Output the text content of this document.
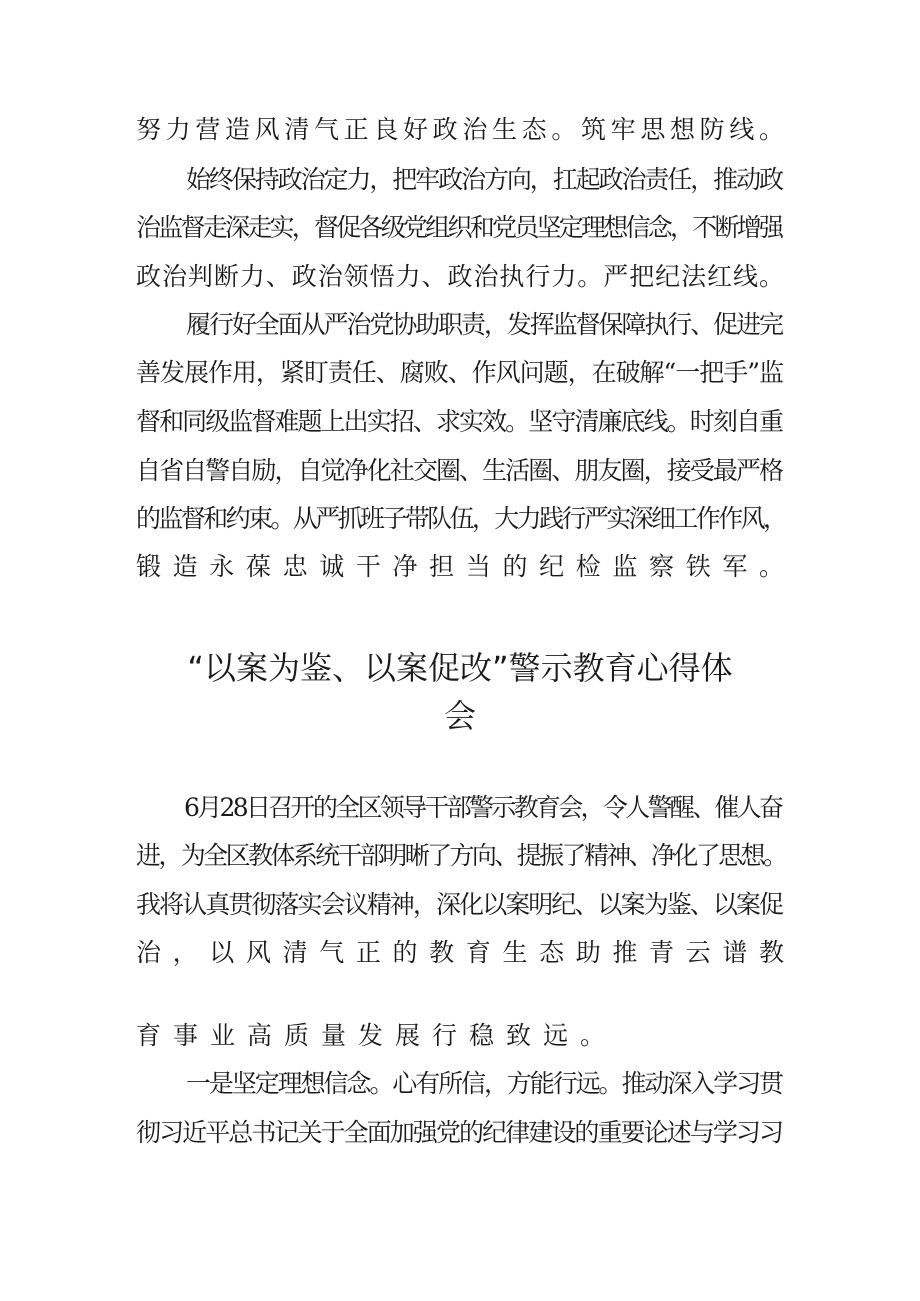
努力营造风清气正良好政治生态。筑牢思想防线。
始终保持政治定力，把牢政治方向，扛起政治责任，推动政
治监督走深走实，督促各级党组织和党员坚定理想信念，不断增强
政治判断力、政治领悟力、政治执行力。严把纪法红线。
履行好全面从严治党协助职责，发挥监督保障执行、促进完
善发展作用，紧盯责任、腐败、作风问题，在破解“一把手”监
督和同级监督难题上出实招、求实效。坚守清廉底线。时刻自重
自省自警自励，自觉净化社交圈、生活圈、朋友圈，接受最严格
的监督和约束。从严抓班子带队伍，大力践行严实深细工作作风，
锻造永葆忠诚干净担当的纪检监察铁军。
“以案为鉴、以案促改”警示教育心得体
会
6月28日召开的全区领导干部警示教育会，令人警醒、催人奋
进，为全区教体系统干部明晰了方向、提振了精神、净化了思想。
我将认真贯彻落实会议精神，深化以案明纪、以案为鉴、以案促
治，以风清气正的教育生态助推青云谱教
育事业高质量发展行稳致远。
一是坚定理想信念。心有所信，方能行远。推动深入学习贯
彻习近平总书记关于全面加强党的纪律建设的重要论述与学习习
